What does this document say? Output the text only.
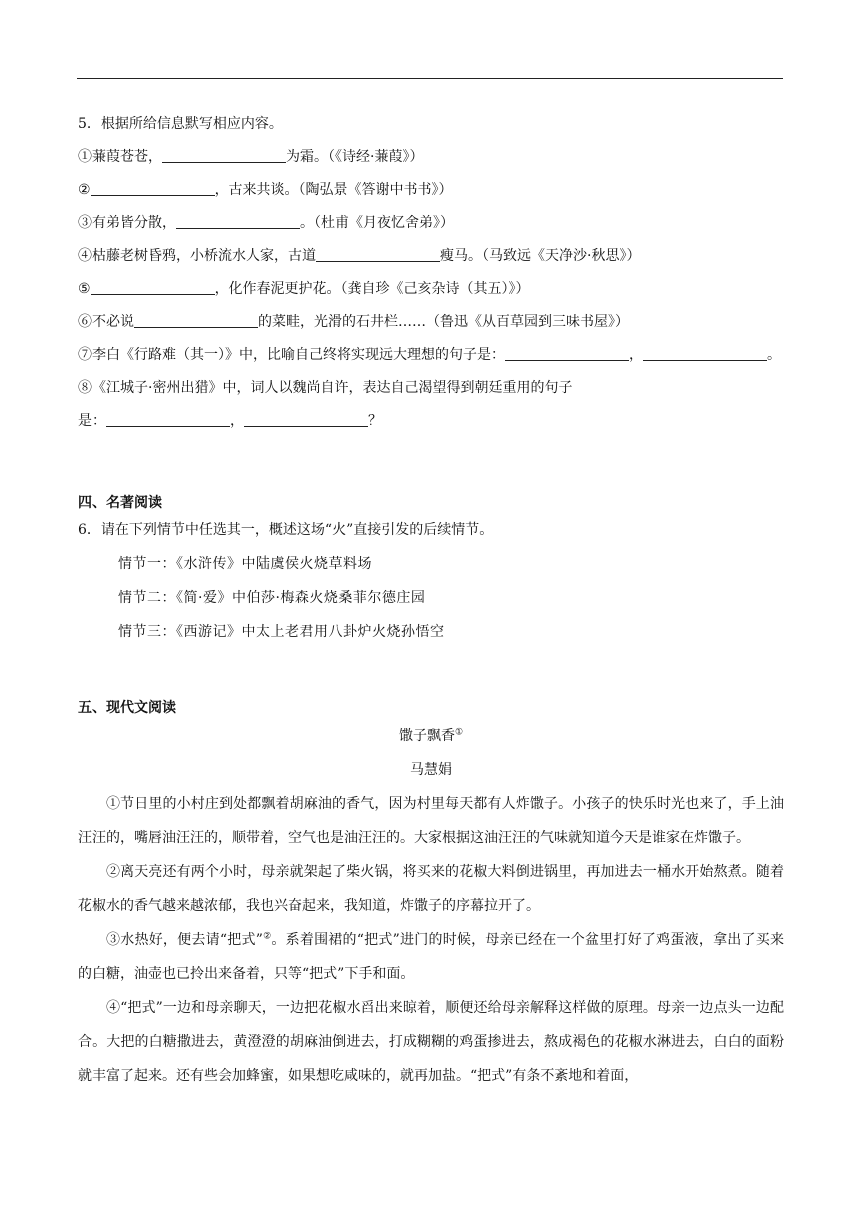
5．根据所给信息默写相应内容。
①蒹葭苍苍，	为霜。（《诗经·蒹葭》）
②	，古来共谈。（陶弘景《答谢中书书》）
③有弟皆分散，	。（杜甫《月夜忆舍弟》）
④枯藤老树昏鸦，小桥流水人家，古道	瘦马。（马致远《天净沙·秋思》）
⑤	，化作春泥更护花。（龚自珍《己亥杂诗（其五）》）
⑥不必说	的菜畦，光滑的石井栏……（鲁迅《从百草园到三味书屋》）
⑦李白《行路难（其一）》中，比喻自己终将实现远大理想的句子是：	，	。
⑧《江城子·密州出猎》中，词人以魏尚自许，表达自己渴望得到朝廷重用的句子
是：	，	？
四、名著阅读
6．请在下列情节中任选其一，概述这场“火”直接引发的后续情节。
情节一：《水浒传》中陆虞侯火烧草料场
情节二：《简·爱》中伯莎·梅森火烧桑菲尔德庄园
情节三：《西游记》中太上老君用八卦炉火烧孙悟空
五、现代文阅读
馓子飘香①
马慧娟
①节日里的小村庄到处都飘着胡麻油的香气，因为村里每天都有人炸馓子。小孩子的快乐时光也来了，手上油汪汪的，嘴唇油汪汪的，顺带着，空气也是油汪汪的。大家根据这油汪汪的气味就知道今天是谁家在炸馓子。
②离天亮还有两个小时，母亲就架起了柴火锅，将买来的花椒大料倒进锅里，再加进去一桶水开始熬煮。随着花椒水的香气越来越浓郁，我也兴奋起来，我知道，炸馓子的序幕拉开了。
③水热好，便去请“把式”②。系着围裙的“把式”进门的时候，母亲已经在一个盆里打好了鸡蛋液，拿出了买来的白糖，油壶也已拎出来备着，只等“把式”下手和面。
④“把式”一边和母亲聊天，一边把花椒水舀出来晾着，顺便还给母亲解释这样做的原理。母亲一边点头一边配合。大把的白糖撒进去，黄澄澄的胡麻油倒进去，打成糊糊的鸡蛋掺进去，熬成褐色的花椒水淋进去，白白的面粉就丰富了起来。还有些会加蜂蜜，如果想吃咸味的，就再加盐。“把式”有条不紊地和着面，
